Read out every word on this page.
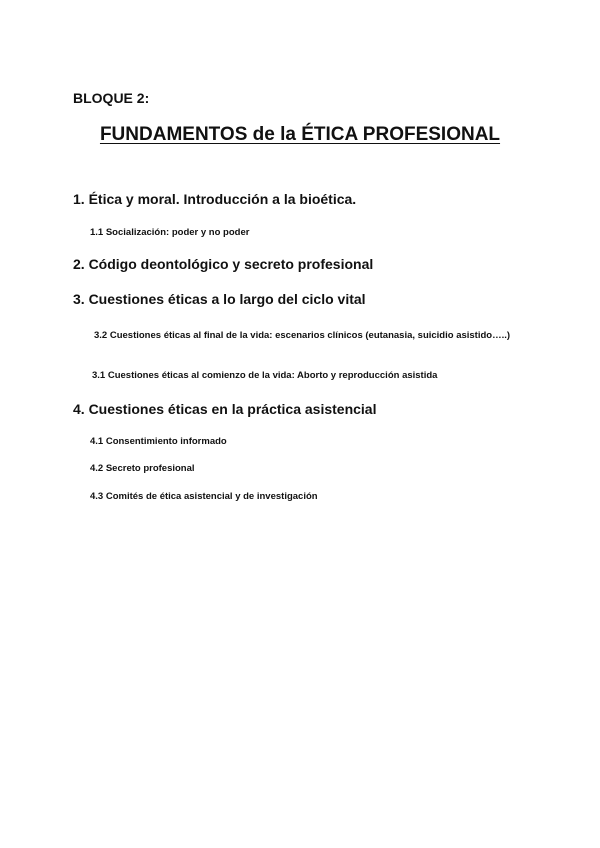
BLOQUE 2:
FUNDAMENTOS de la ÉTICA PROFESIONAL
1. Ética y moral. Introducción a la bioética.
1.1 Socialización: poder y no poder
2. Código deontológico y secreto profesional
3. Cuestiones éticas a lo largo del ciclo vital
3.2 Cuestiones éticas al final de la vida: escenarios clínicos (eutanasia, suicidio asistido…..)
3.1 Cuestiones éticas al comienzo de la vida: Aborto y reproducción asistida
4. Cuestiones éticas en la práctica asistencial
4.1 Consentimiento informado
4.2 Secreto profesional
4.3 Comités de ética asistencial y de investigación
